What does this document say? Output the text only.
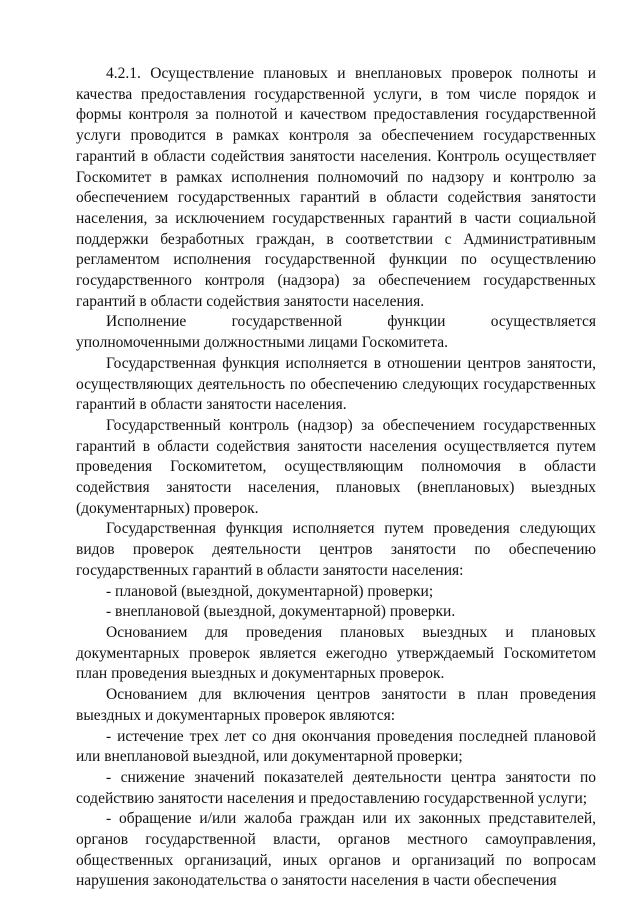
4.2.1. Осуществление плановых и внеплановых проверок полноты и качества предоставления государственной услуги, в том числе порядок и формы контроля за полнотой и качеством предоставления государственной услуги проводится в рамках контроля за обеспечением государственных гарантий в области содействия занятости населения. Контроль осуществляет Госкомитет в рамках исполнения полномочий по надзору и контролю за обеспечением государственных гарантий в области содействия занятости населения, за исключением государственных гарантий в части социальной поддержки безработных граждан, в соответствии с Административным регламентом исполнения государственной функции по осуществлению государственного контроля (надзора) за обеспечением государственных гарантий в области содействия занятости населения.

Исполнение государственной функции осуществляется уполномоченными должностными лицами Госкомитета.

Государственная функция исполняется в отношении центров занятости, осуществляющих деятельность по обеспечению следующих государственных гарантий в области занятости населения.

Государственный контроль (надзор) за обеспечением государственных гарантий в области содействия занятости населения осуществляется путем проведения Госкомитетом, осуществляющим полномочия в области содействия занятости населения, плановых (внеплановых) выездных (документарных) проверок.

Государственная функция исполняется путем проведения следующих видов проверок деятельности центров занятости по обеспечению государственных гарантий в области занятости населения:

- плановой (выездной, документарной) проверки;

- внеплановой (выездной, документарной) проверки.

Основанием для проведения плановых выездных и плановых документарных проверок является ежегодно утверждаемый Госкомитетом план проведения выездных и документарных проверок.

Основанием для включения центров занятости в план проведения выездных и документарных проверок являются:

- истечение трех лет со дня окончания проведения последней плановой или внеплановой выездной, или документарной проверки;

- снижение значений показателей деятельности центра занятости по содействию занятости населения и предоставлению государственной услуги;

- обращение и/или жалоба граждан или их законных представителей, органов государственной власти, органов местного самоуправления, общественных организаций, иных органов и организаций по вопросам нарушения законодательства о занятости населения в части обеспечения
